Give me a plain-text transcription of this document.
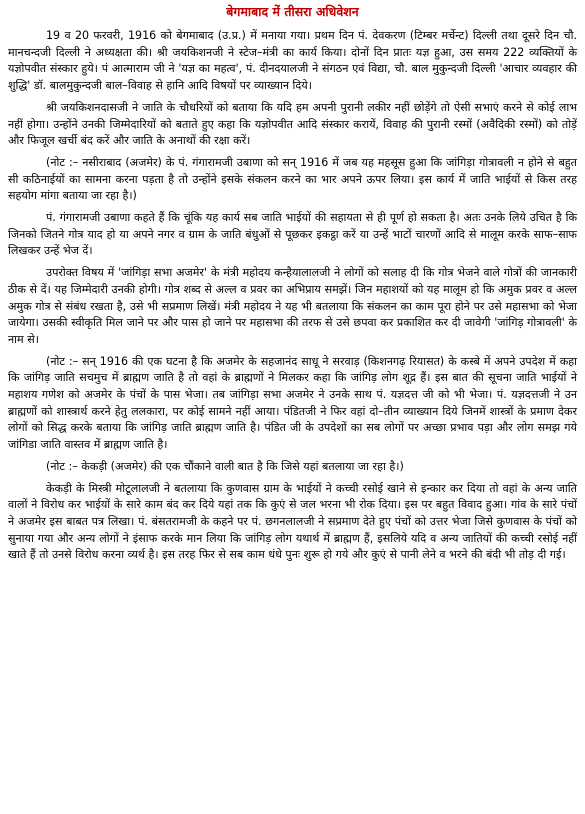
बेगमाबाद में तीसरा अधिवेशन

19 व 20 फरवरी, 1916 को बेगमाबाद (उ.प्र.) में मनाया गया। प्रथम दिन पं. देवकरण (टिम्बर मर्चेन्ट) दिल्ली तथा दूसरे दिन चौ. मानचन्दजी दिल्ली ने अध्यक्षता की। श्री जयकिशनजी ने स्टेज–मंत्री का कार्य किया। दोनों दिन प्रातः यज्ञ हुआ, उस समय 222 व्यक्तियों के यज्ञोपवीत संस्कार हुये। पं आत्माराम जी ने 'यज्ञ का महत्व', पं. दीनदयालजी ने संगठन एवं विद्या, चौ. बाल मुकुन्दजी दिल्ली 'आचार व्यवहार की शुद्धि' डॉ. बालमुकुन्दजी बाल–विवाह से हानि आदि विषयों पर व्याख्यान दिये।

श्री जयकिशनदासजी ने जाति के चौधरियों को बताया कि यदि हम अपनी पुरानी लकीर नहीं छोड़ेंगे तो ऐसी सभाएं करने से कोई लाभ नहीं होगा। उन्होंने उनकी जिम्मेदारियों को बताते हुए कहा कि यज्ञोपवीत आदि संस्कार करायें, विवाह की पुरानी रस्मों (अवैदिकी रस्मों) को तोड़ें और फिजूल खर्ची बंद करें और जाति के अनाथों की रक्षा करें।

(नोट :– नसीराबाद (अजमेर) के पं. गंगारामजी उबाणा को सन् 1916 में जब यह महसूस हुआ कि जांगिड़ा गोत्रावली न होने से बहुत सी कठिनाईयों का सामना करना पड़ता है तो उन्होंने इसके संकलन करने का भार अपने ऊपर लिया। इस कार्य में जाति भाईयों से किस तरह सहयोग मांगा बताया जा रहा है।)

पं. गंगारामजी उबाणा कहते हैं कि चूंकि यह कार्य सब जाति भाईयों की सहायता से ही पूर्ण हो सकता है। अतः उनके लिये उचित है कि जिनको जितने गोत्र याद हो या अपने नगर व ग्राम के जाति बंधुओं से पूछकर इकट्ठा करें या उन्हें भाटों चारणों आदि से मालूम करके साफ–साफ लिखकर उन्हें भेज दें।

उपरोक्त विषय में 'जांगिड़ा सभा अजमेर' के मंत्री महोदय कन्हैयालालजी ने लोगों को सलाह दी कि गोत्र भेजने वाले गोत्रों की जानकारी ठीक से दें। यह जिम्मेदारी उनकी होगी। गोत्र शब्द से अल्ल व प्रवर का अभिप्राय समझें। जिन महाशयों को यह मालूम हो कि अमुक प्रवर व अल्ल अमुक गोत्र से संबंध रखता है, उसे भी सप्रमाण लिखें। मंत्री महोदय ने यह भी बतलाया कि संकलन का काम पूरा होने पर उसे महासभा को भेजा जायेगा। उसकी स्वीकृति मिल जाने पर और पास हो जाने पर महासभा की तरफ से उसे छपवा कर प्रकाशित कर दी जावेगी 'जांगिड़ गोत्रावली' के नाम से।

(नोट :– सन् 1916 की एक घटना है कि अजमेर के सहजानंद साधू ने सरवाड़ (किशनगढ़ रियासत) के कस्बे में अपने उपदेश में कहा कि जांगिड़ जाति सचमुच में ब्राह्मण जाति है तो वहां के ब्राह्मणों ने मिलकर कहा कि जांगिड़ लोग शूद्र हैं। इस बात की सूचना जाति भाईयों ने महाशय गणेश को अजमेर के पंचों के पास भेजा। तब जांगिड़ा सभा अजमेर ने उनके साथ पं. यज्ञदत्त जी को भी भेजा। पं. यज्ञदत्तजी ने उन ब्राह्मणों को शास्त्रार्थ करने हेतु ललकारा, पर कोई सामने नहीं आया। पंडितजी ने फिर वहां दो–तीन व्याख्यान दिये जिनमें शास्त्रों के प्रमाण देकर लोगों को सिद्ध करके बताया कि जांगिड़ जाति ब्राह्मण जाति है। पंडित जी के उपदेशों का सब लोगों पर अच्छा प्रभाव पड़ा और लोग समझ गये जांगिडा जाति वास्तव में ब्राह्मण जाति है।

(नोट :– केकड़ी (अजमेर) की एक चौंकाने वाली बात है कि जिसे यहां बतलाया जा रहा है।)

केकड़ी के मिस्त्री मोटूलालजी ने बतलाया कि कुणवास ग्राम के भाईयों ने कच्ची रसोई खाने से इन्कार कर दिया तो वहां के अन्य जाति वालों ने विरोध कर भाईयों के सारे काम बंद कर दिये यहां तक कि कुएं से जल भरना भी रोक दिया। इस पर बहुत विवाद हुआ। गांव के सारे पंचों ने अजमेर इस बाबत पत्र लिखा। पं. बंसतरामजी के कहने पर पं. छगनलालजी ने सप्रमाण देते हुए पंचों को उत्तर भेजा जिसे कुणवास के पंचों को सुनाया गया और अन्य लोगों ने इंसाफ करके मान लिया कि जांगिड़ लोग यथार्थ में ब्राह्मण हैं, इसलिये यदि व अन्य जातियों की कच्ची रसोई नहीं खाते हैं तो उनसे विरोध करना व्यर्थ है। इस तरह फिर से सब काम धंधे पुनः शुरू हो गये और कुएं से पानी लेने व भरने की बंदी भी तोड़ दी गई।
